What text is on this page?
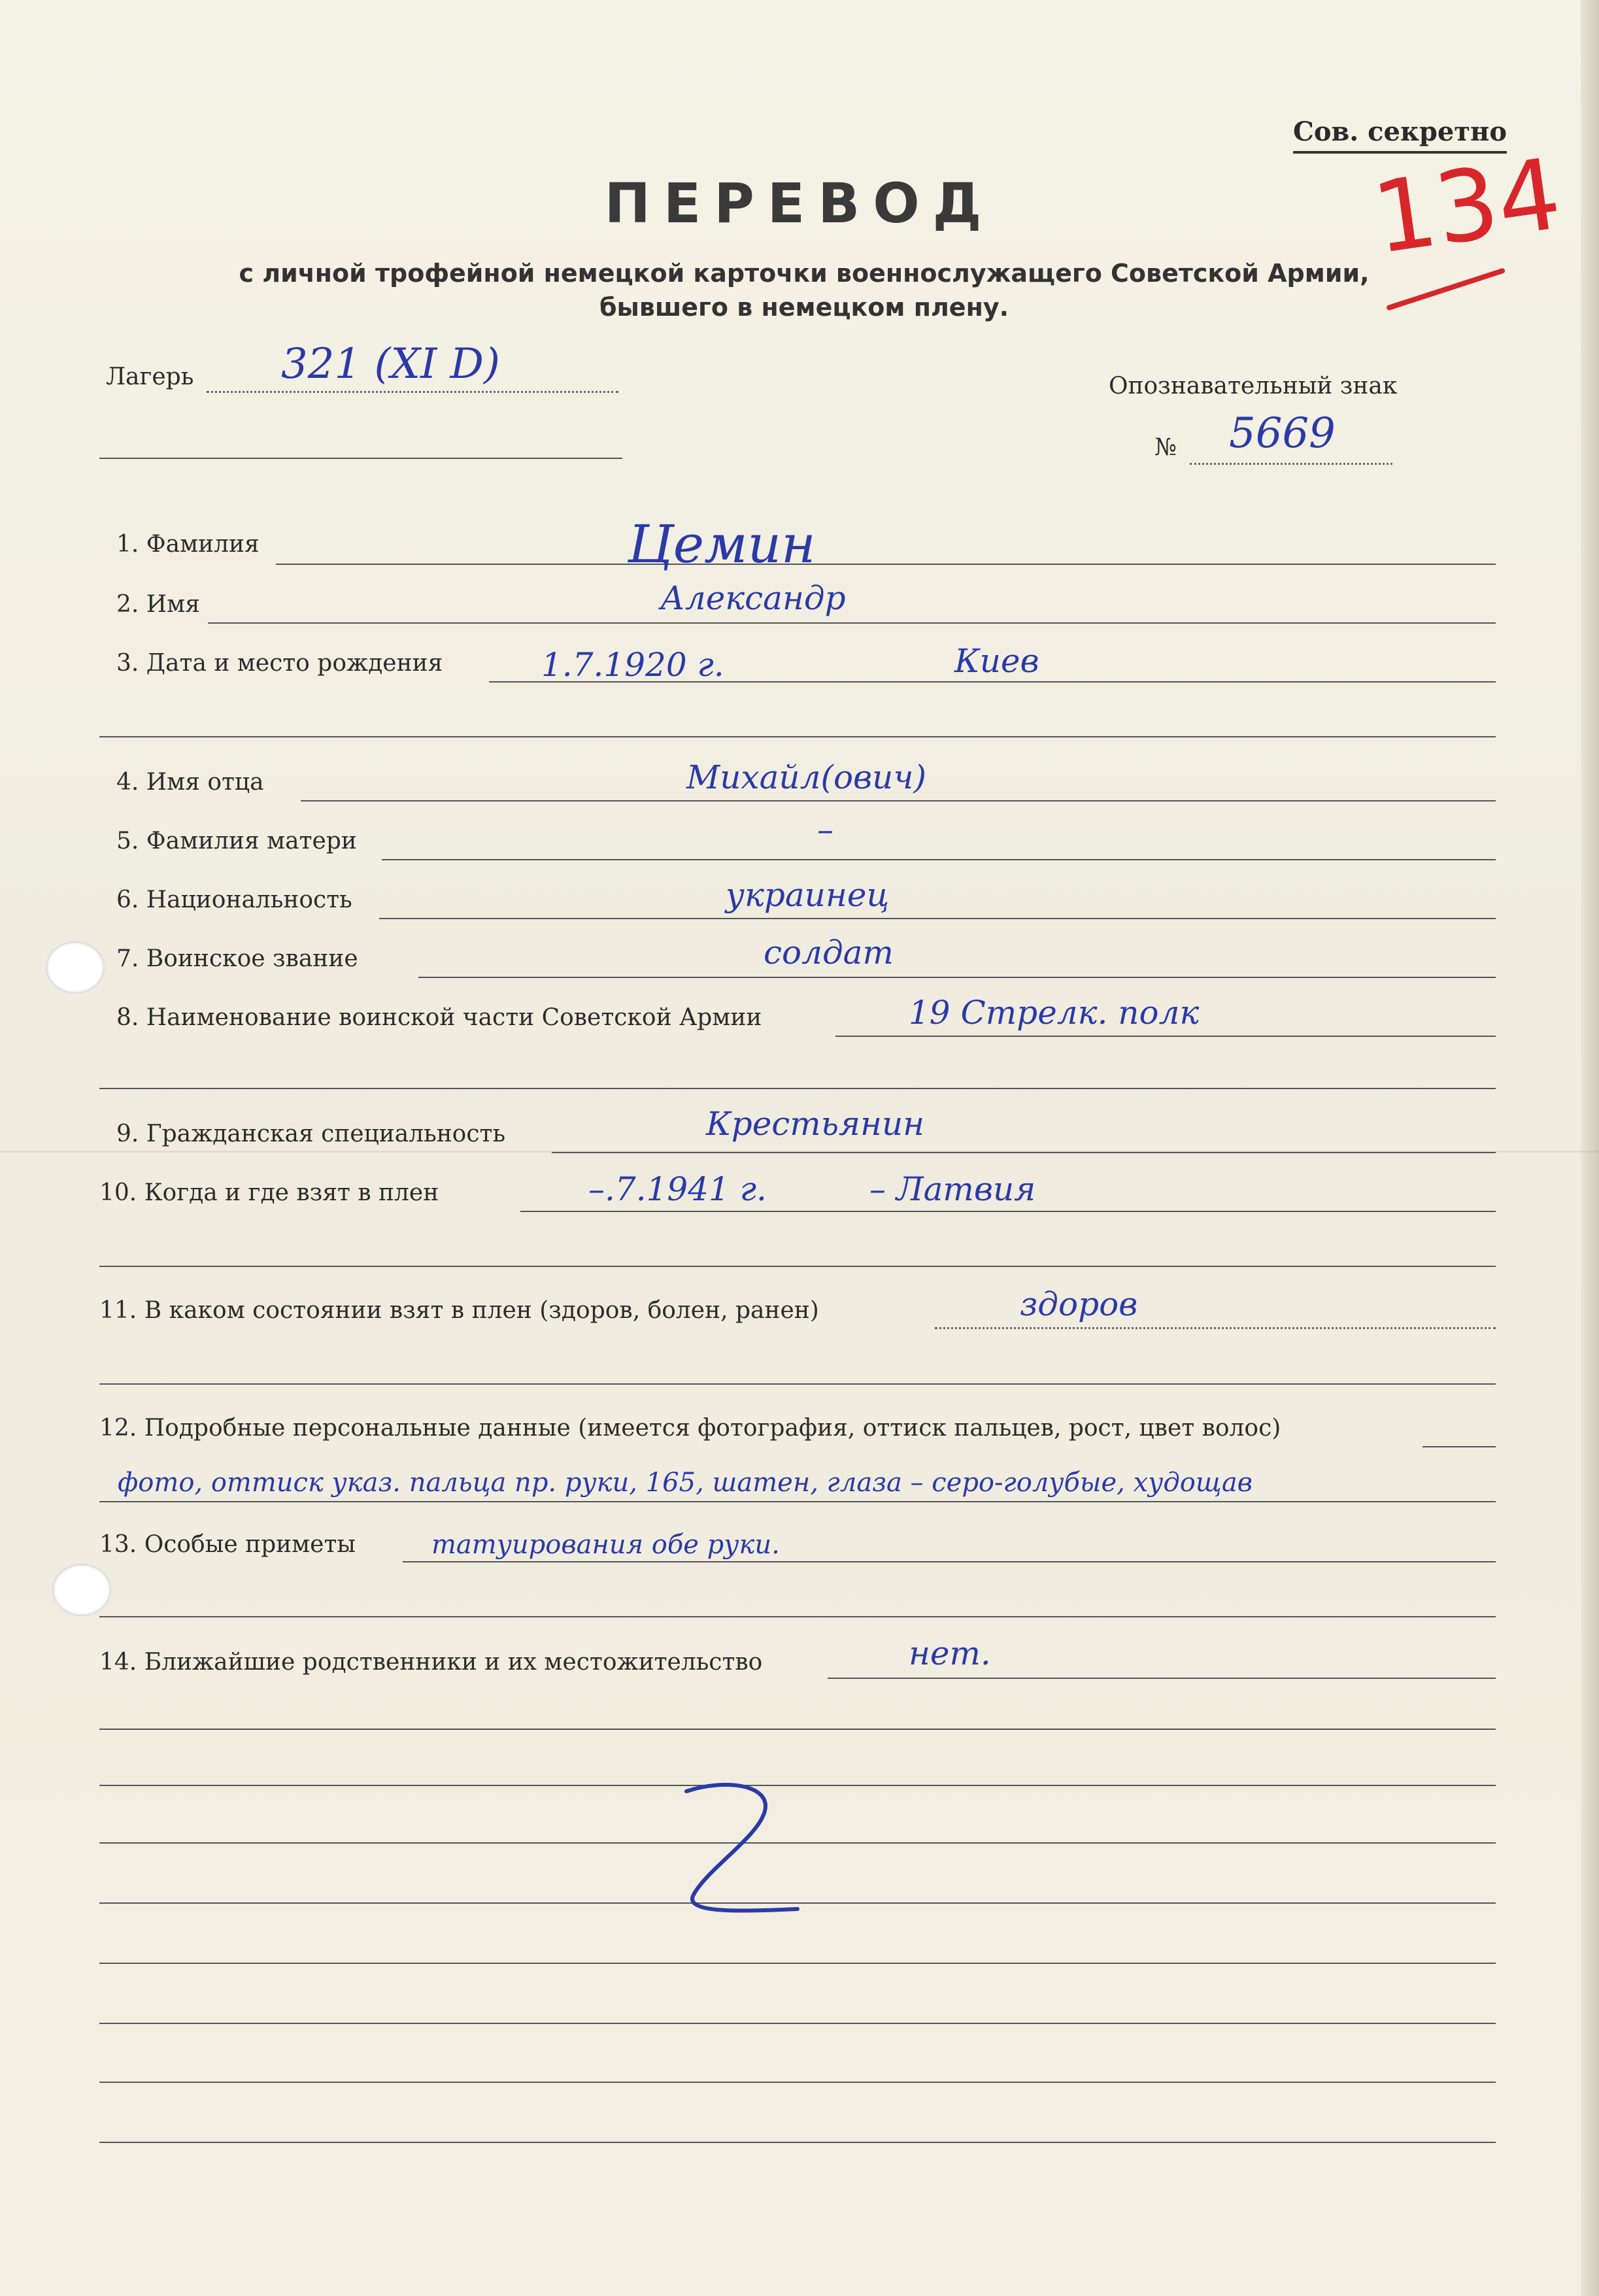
Сов. секретно
134
ПЕРЕВОД
с личной трофейной немецкой карточки военнослужащего Советской Армии,
бывшего в немецком плену.
Лагерь 321 (XI D)	Опознавательный знак
№ 5669
1. Фамилия	Цемин
2. Имя	Александр
3. Дата и место рождения	1.7.1920 г.	Киев
4. Имя отца	Михайл(ович)
5. Фамилия матери	–
6. Национальность	украинец
7. Воинское звание	солдат
8. Наименование воинской части Советской Армии	19 Стрелк. полк
9. Гражданская специальность	Крестьянин
10. Когда и где взят в плен	–.7.1941 г.	– Латвия
11. В каком состоянии взят в плен (здоров, болен, ранен)	здоров
12. Подробные персональные данные (имеется фотография, оттиск пальцев, рост, цвет волос)
фото, оттиск указ. пальца пр. руки, 165, шатен, глаза – серо-голубые, худощав
13. Особые приметы	татуирования обе руки.
14. Ближайшие родственники и их местожительство	нет.
